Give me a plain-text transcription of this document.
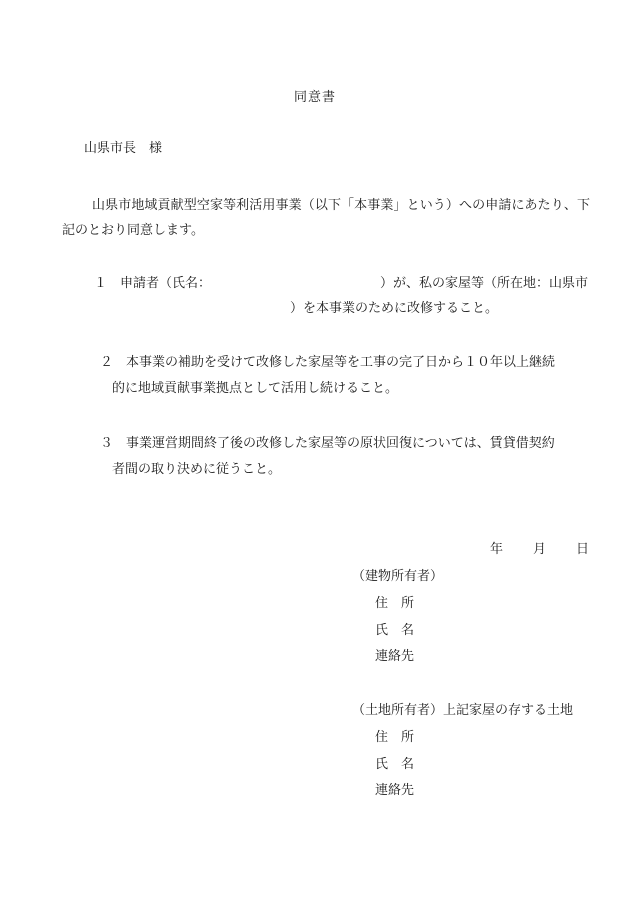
同意書
山県市長　様
山県市地域貢献型空家等利活用事業（以下「本事業」という）への申請にあたり、下記のとおり同意します。
１　申請者（氏名：	）が、私の家屋等（所在地：山県市
）を本事業のために改修すること。
２　本事業の補助を受けて改修した家屋等を工事の完了日から１０年以上継続
的に地域貢献事業拠点として活用し続けること。
３　事業運営期間終了後の改修した家屋等の原状回復については、賃貸借契約
者間の取り決めに従うこと。
年 月 日
（建物所有者）
住　所
氏　名
連絡先
（土地所有者）上記家屋の存する土地
住　所
氏　名
連絡先
